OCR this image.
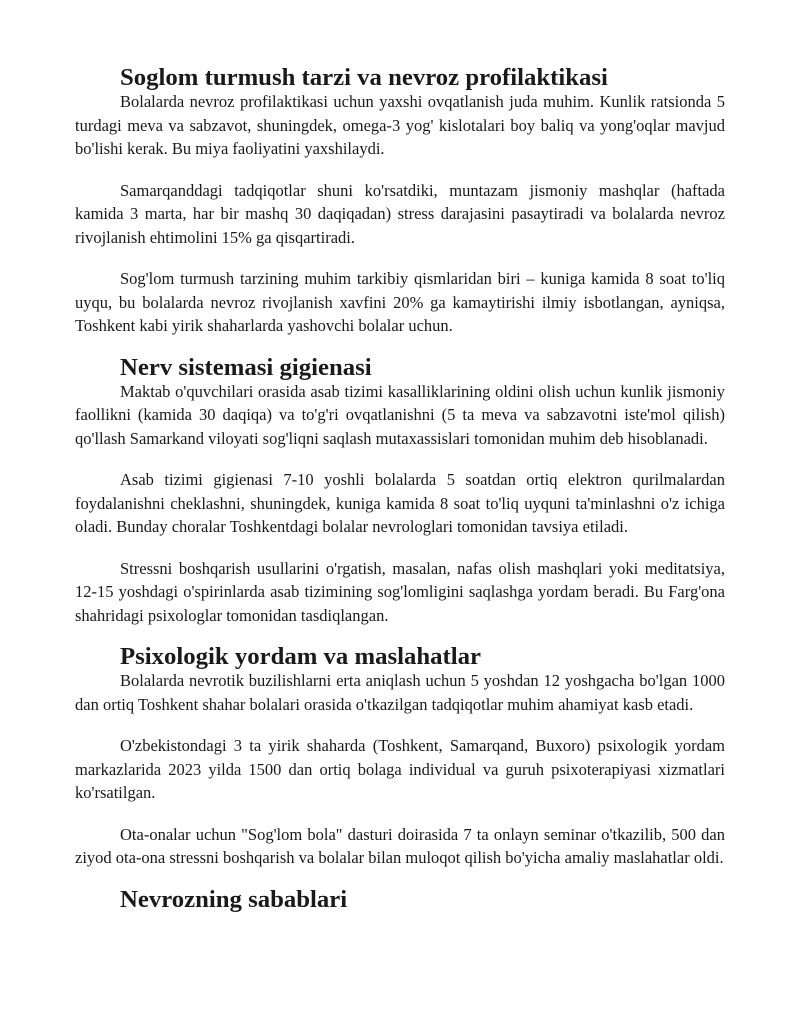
Soglom turmush tarzi va nevroz profilaktikasi

Bolalarda nevroz profilaktikasi uchun yaxshi ovqatlanish juda muhim. Kunlik ratsionda 5 turdagi meva va sabzavot, shuningdek, omega-3 yog' kislotalari boy baliq va yong'oqlar mavjud bo'lishi kerak. Bu miya faoliyatini yaxshilaydi.

Samarqanddagi tadqiqotlar shuni ko'rsatdiki, muntazam jismoniy mashqlar (haftada kamida 3 marta, har bir mashq 30 daqiqadan) stress darajasini pasaytiradi va bolalarda nevroz rivojlanish ehtimolini 15% ga qisqartiradi.

Sog'lom turmush tarzining muhim tarkibiy qismlaridan biri – kuniga kamida 8 soat to'liq uyqu, bu bolalarda nevroz rivojlanish xavfini 20% ga kamaytirishi ilmiy isbotlangan, ayniqsa, Toshkent kabi yirik shaharlarda yashovchi bolalar uchun.

Nerv sistemasi gigienasi

Maktab o'quvchilari orasida asab tizimi kasalliklarining oldini olish uchun kunlik jismoniy faollikni (kamida 30 daqiqa) va to'g'ri ovqatlanishni (5 ta meva va sabzavotni iste'mol qilish) qo'llash Samarkand viloyati sog'liqni saqlash mutaxassislari tomonidan muhim deb hisoblanadi.

Asab tizimi gigienasi 7-10 yoshli bolalarda 5 soatdan ortiq elektron qurilmalardan foydalanishni cheklashni, shuningdek, kuniga kamida 8 soat to'liq uyquni ta'minlashni o'z ichiga oladi. Bunday choralar Toshkentdagi bolalar nevrologlari tomonidan tavsiya etiladi.

Stressni boshqarish usullarini o'rgatish, masalan, nafas olish mashqlari yoki meditatsiya, 12-15 yoshdagi o'spirinlarda asab tizimining sog'lomligini saqlashga yordam beradi. Bu Farg'ona shahridagi psixologlar tomonidan tasdiqlangan.

Psixologik yordam va maslahatlar

Bolalarda nevrotik buzilishlarni erta aniqlash uchun 5 yoshdan 12 yoshgacha bo'lgan 1000 dan ortiq Toshkent shahar bolalari orasida o'tkazilgan tadqiqotlar muhim ahamiyat kasb etadi.

O'zbekistondagi 3 ta yirik shaharda (Toshkent, Samarqand, Buxoro) psixologik yordam markazlarida 2023 yilda 1500 dan ortiq bolaga individual va guruh psixoterapiyasi xizmatlari ko'rsatilgan.

Ota-onalar uchun "Sog'lom bola" dasturi doirasida 7 ta onlayn seminar o'tkazilib, 500 dan ziyod ota-ona stressni boshqarish va bolalar bilan muloqot qilish bo'yicha amaliy maslahatlar oldi.

Nevrozning sabablari
